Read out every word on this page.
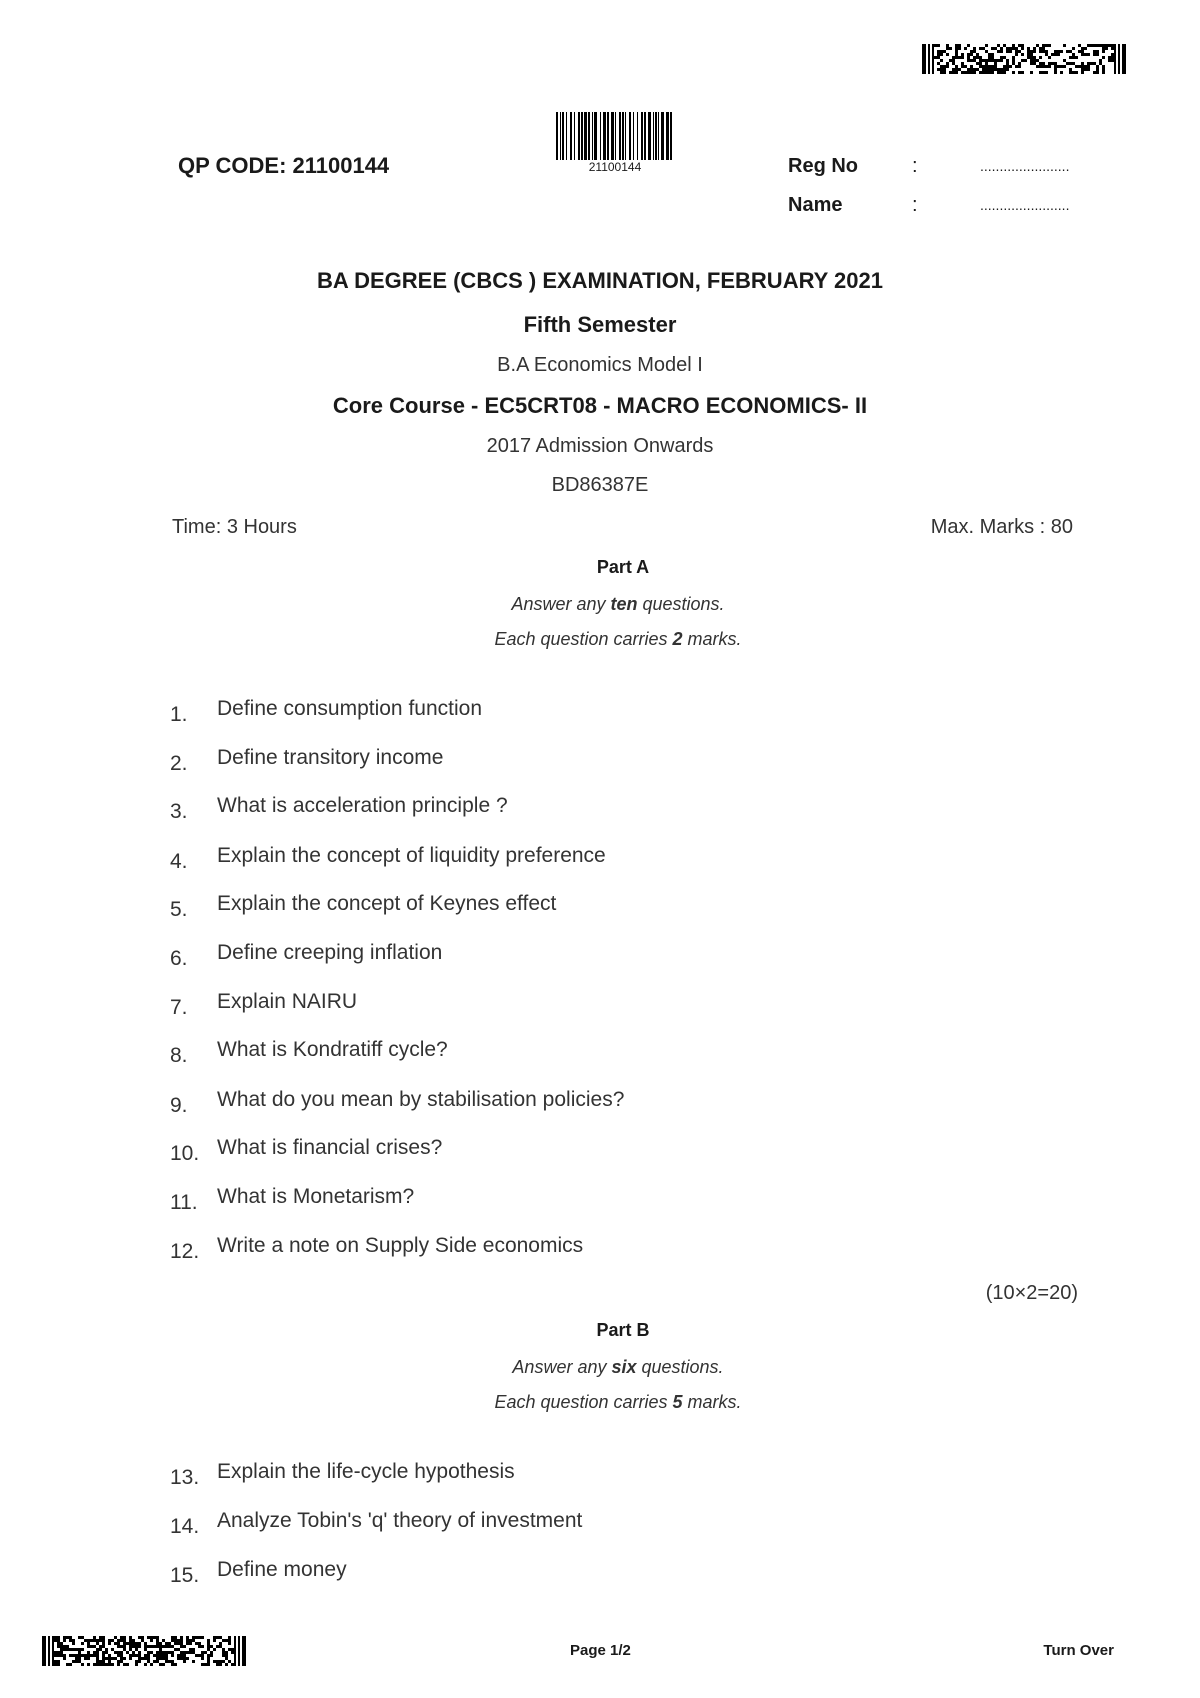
QP CODE: 21100144	21100144	Reg No	:	.......................
Name	:	.......................
BA DEGREE (CBCS ) EXAMINATION, FEBRUARY 2021
Fifth Semester
B.A Economics Model I
Core Course - EC5CRT08 - MACRO ECONOMICS- II
2017 Admission Onwards
BD86387E
Time: 3 Hours	Max. Marks : 80
Part A
Answer any ten questions.
Each question carries 2 marks.
1.	Define consumption function
2.	Define transitory income
3.	What is acceleration principle ?
4.	Explain the concept of liquidity preference
5.	Explain the concept of Keynes effect
6.	Define creeping inflation
7.	Explain NAIRU
8.	What is Kondratiff cycle?
9.	What do you mean by stabilisation policies?
10. What is financial crises?
11. What is Monetarism?
12. Write a note on Supply Side economics
(10×2=20)
Part B
Answer any six questions.
Each question carries 5 marks.
13. Explain the life-cycle hypothesis
14. Analyze Tobin's 'q' theory of investment
15. Define money
Page 1/2	Turn Over
